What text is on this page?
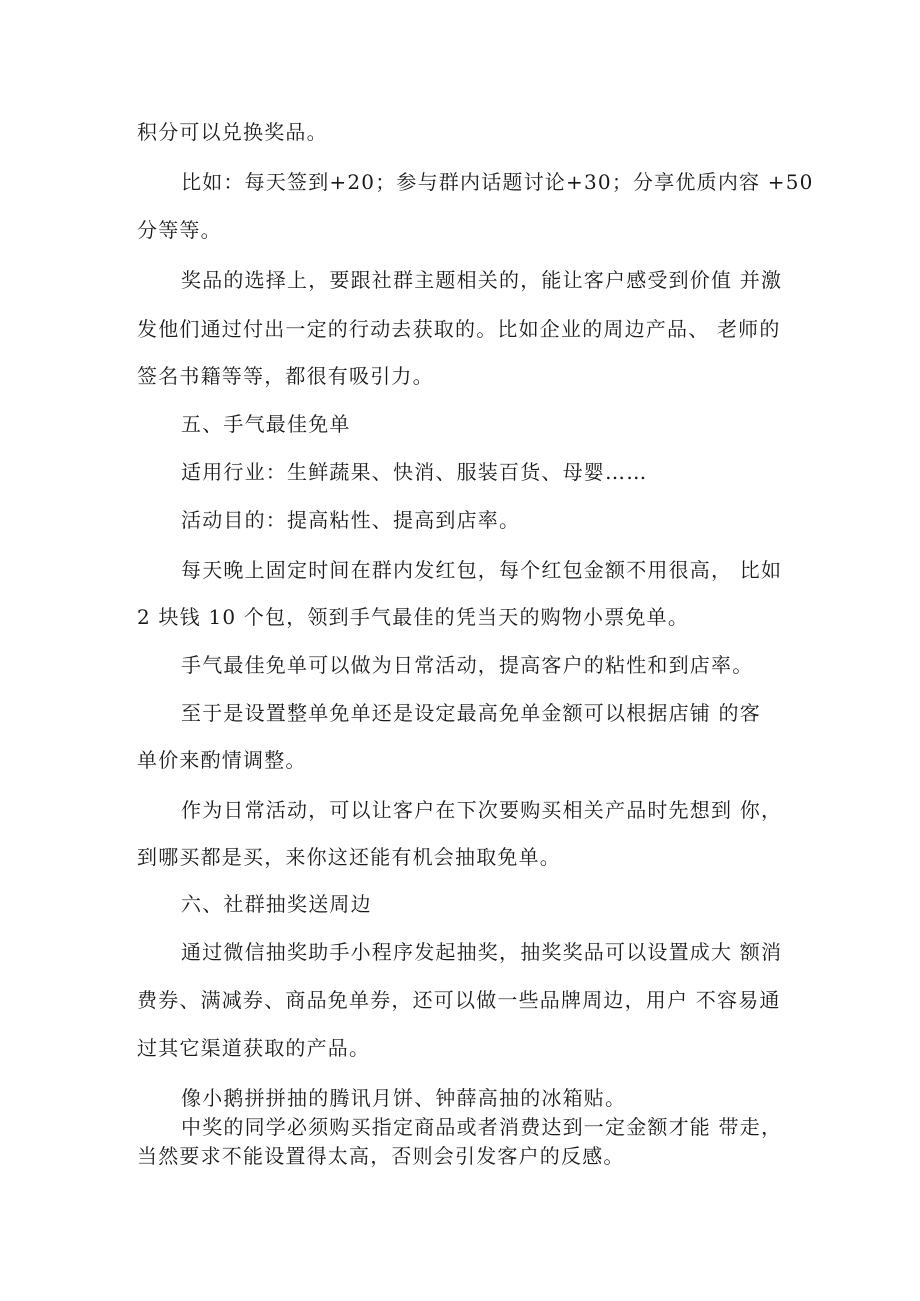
积分可以兑换奖品。
比如：每天签到+20；参与群内话题讨论+30；分享优质内容 +50
分等等。
奖品的选择上，要跟社群主题相关的，能让客户感受到价值 并激
发他们通过付出一定的行动去获取的。比如企业的周边产品、 老师的
签名书籍等等，都很有吸引力。
五、手气最佳免单
适用行业：生鲜蔬果、快消、服装百货、母婴……
活动目的：提高粘性、提高到店率。
每天晚上固定时间在群内发红包，每个红包金额不用很高， 比如
2 块钱 10 个包，领到手气最佳的凭当天的购物小票免单。
手气最佳免单可以做为日常活动，提高客户的粘性和到店率。
至于是设置整单免单还是设定最高免单金额可以根据店铺 的客
单价来酌情调整。
作为日常活动，可以让客户在下次要购买相关产品时先想到 你，
到哪买都是买，来你这还能有机会抽取免单。
六、社群抽奖送周边
通过微信抽奖助手小程序发起抽奖，抽奖奖品可以设置成大 额消
费券、满减券、商品免单券，还可以做一些品牌周边，用户 不容易通
过其它渠道获取的产品。
像小鹅拼拼抽的腾讯月饼、钟薛高抽的冰箱贴。
中奖的同学必须购买指定商品或者消费达到一定金额才能 带走，
当然要求不能设置得太高，否则会引发客户的反感。
